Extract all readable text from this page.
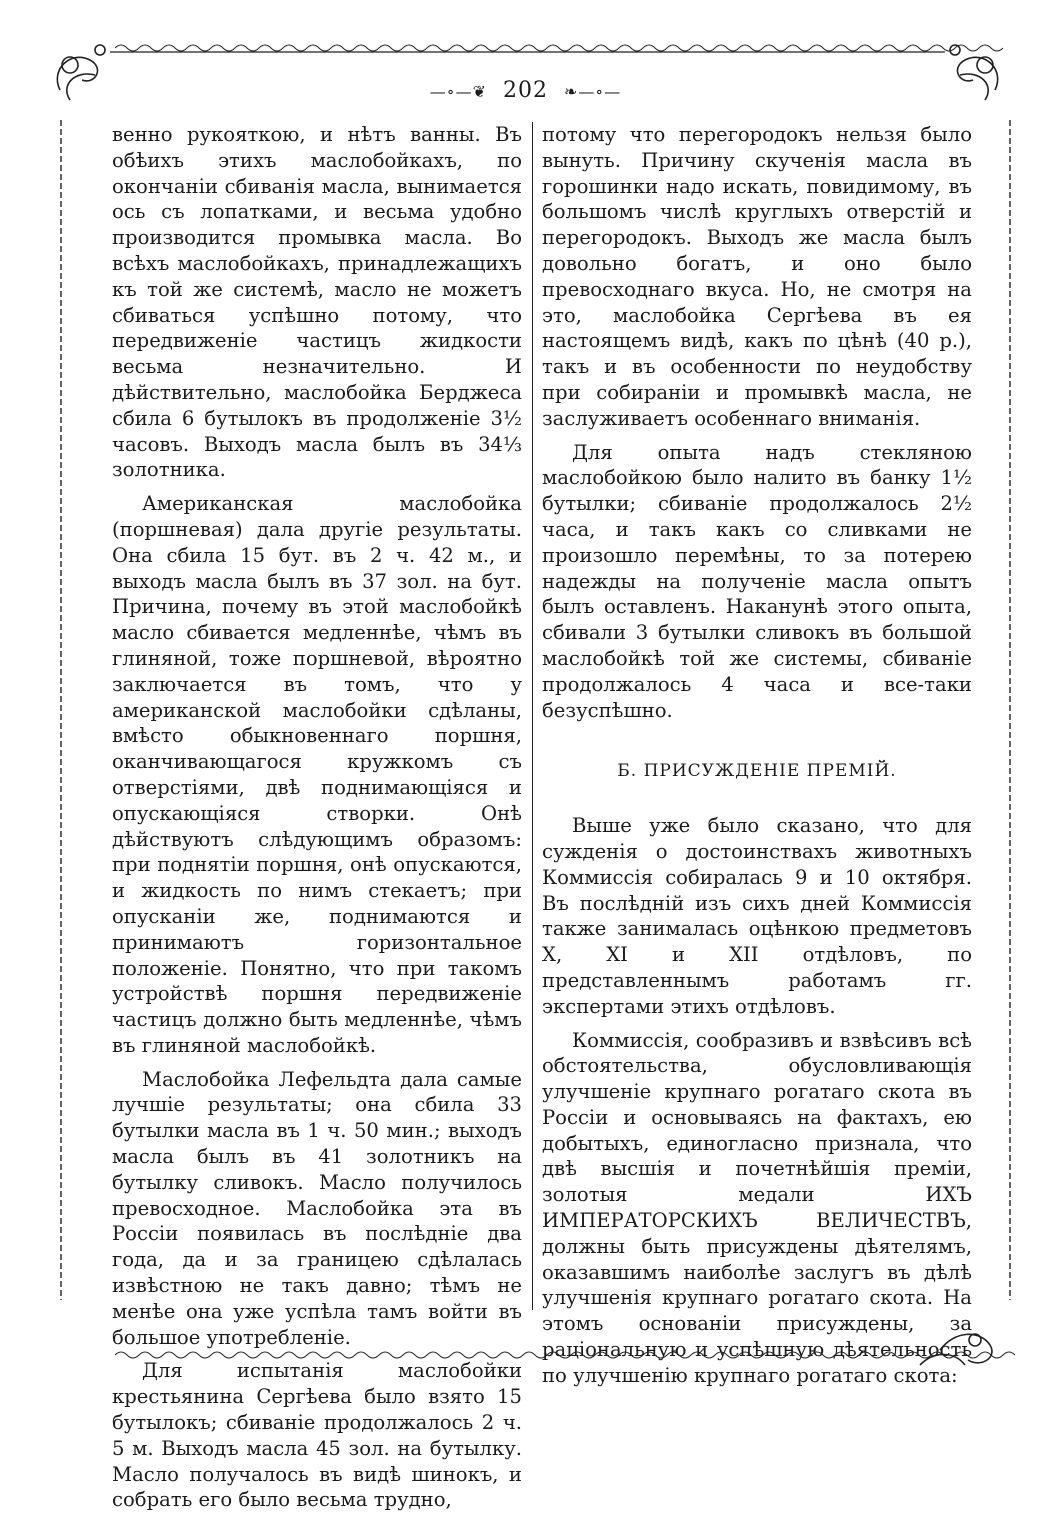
—∘—❦ 202 ❧—∘—

венно рукояткою, и нѣтъ ванны. Въ обѣихъ этихъ маслобойкахъ, по окончаніи сбиванія масла, вынимается ось съ лопатками, и весьма удобно производится промывка масла. Во всѣхъ маслобойкахъ, принадлежащихъ къ той же системѣ, масло не можетъ сбиваться успѣшно потому, что передвиженіе частицъ жидкости весьма незначительно. И дѣйствительно, маслобойка Берджеса сбила 6 бутылокъ въ продолженіе 3½ часовъ. Выходъ масла былъ въ 34⅓ золотника.

Американская маслобойка (поршневая) дала другіе результаты. Она сбила 15 бут. въ 2 ч. 42 м., и выходъ масла былъ въ 37 зол. на бут. Причина, почему въ этой маслобойкѣ масло сбивается медленнѣе, чѣмъ въ глиняной, тоже поршневой, вѣроятно заключается въ томъ, что у американской маслобойки сдѣланы, вмѣсто обыкновеннаго поршня, оканчивающагося кружкомъ съ отверстіями, двѣ поднимающіяся и опускающіяся створки. Онѣ дѣйствуютъ слѣдующимъ образомъ: при поднятіи поршня, онѣ опускаются, и жидкость по нимъ стекаетъ; при опусканіи же, поднимаются и принимаютъ горизонтальное положеніе. Понятно, что при такомъ устройствѣ поршня передвиженіе частицъ должно быть медленнѣе, чѣмъ въ глиняной маслобойкѣ.

Маслобойка Лефельдта дала самые лучшіе результаты; она сбила 33 бутылки масла въ 1 ч. 50 мин.; выходъ масла былъ въ 41 золотникъ на бутылку сливокъ. Масло получилось превосходное. Маслобойка эта въ Россіи появилась въ послѣдніе два года, да и за границею сдѣлалась извѣстною не такъ давно; тѣмъ не менѣе она уже успѣла тамъ войти въ большое употребленіе.

Для испытанія маслобойки крестьянина Сергѣева было взято 15 бутылокъ; сбиваніе продолжалось 2 ч. 5 м. Выходъ масла 45 зол. на бутылку. Масло получалось въ видѣ шинокъ, и собрать его было весьма трудно,

потому что перегородокъ нельзя было вынуть. Причину скученія масла въ горошинки надо искать, повидимому, въ большомъ числѣ круглыхъ отверстій и перегородокъ. Выходъ же масла былъ довольно богатъ, и оно было превосходнаго вкуса. Но, не смотря на это, маслобойка Сергѣева въ ея настоящемъ видѣ, какъ по цѣнѣ (40 р.), такъ и въ особенности по неудобству при собираніи и промывкѣ масла, не заслуживаетъ особеннаго вниманія.

Для опыта надъ стекляною маслобойкою было налито въ банку 1½ бутылки; сбиваніе продолжалось 2½ часа, и такъ какъ со сливками не произошло перемѣны, то за потерею надежды на полученіе масла опытъ былъ оставленъ. Наканунѣ этого опыта, сбивали 3 бутылки сливокъ въ большой маслобойкѣ той же системы, сбиваніе продолжалось 4 часа и все-таки безуспѣшно.

Б. ПРИСУЖДЕНІЕ ПРЕМІЙ.

Выше уже было сказано, что для сужденія о достоинствахъ животныхъ Коммиссія собиралась 9 и 10 октября. Въ послѣдній изъ сихъ дней Коммиссія также занималась оцѣнкою предметовъ X, XI и XII отдѣловъ, по представленнымъ работамъ гг. экспертами этихъ отдѣловъ.

Коммиссія, сообразивъ и взвѣсивъ всѣ обстоятельства, обусловливающія улучшеніе крупнаго рогатаго скота въ Россіи и основываясь на фактахъ, ею добытыхъ, единогласно признала, что двѣ высшія и почетнѣйшія преміи, золотыя медали ИХЪ ИМПЕРАТОРСКИХЪ ВЕЛИЧЕСТВЪ, должны быть присуждены дѣятелямъ, оказавшимъ наиболѣе заслугъ въ дѣлѣ улучшенія крупнаго рогатаго скота. На этомъ основаніи присуждены, за раціональную и успѣшную дѣятельность по улучшенію крупнаго рогатаго скота:
